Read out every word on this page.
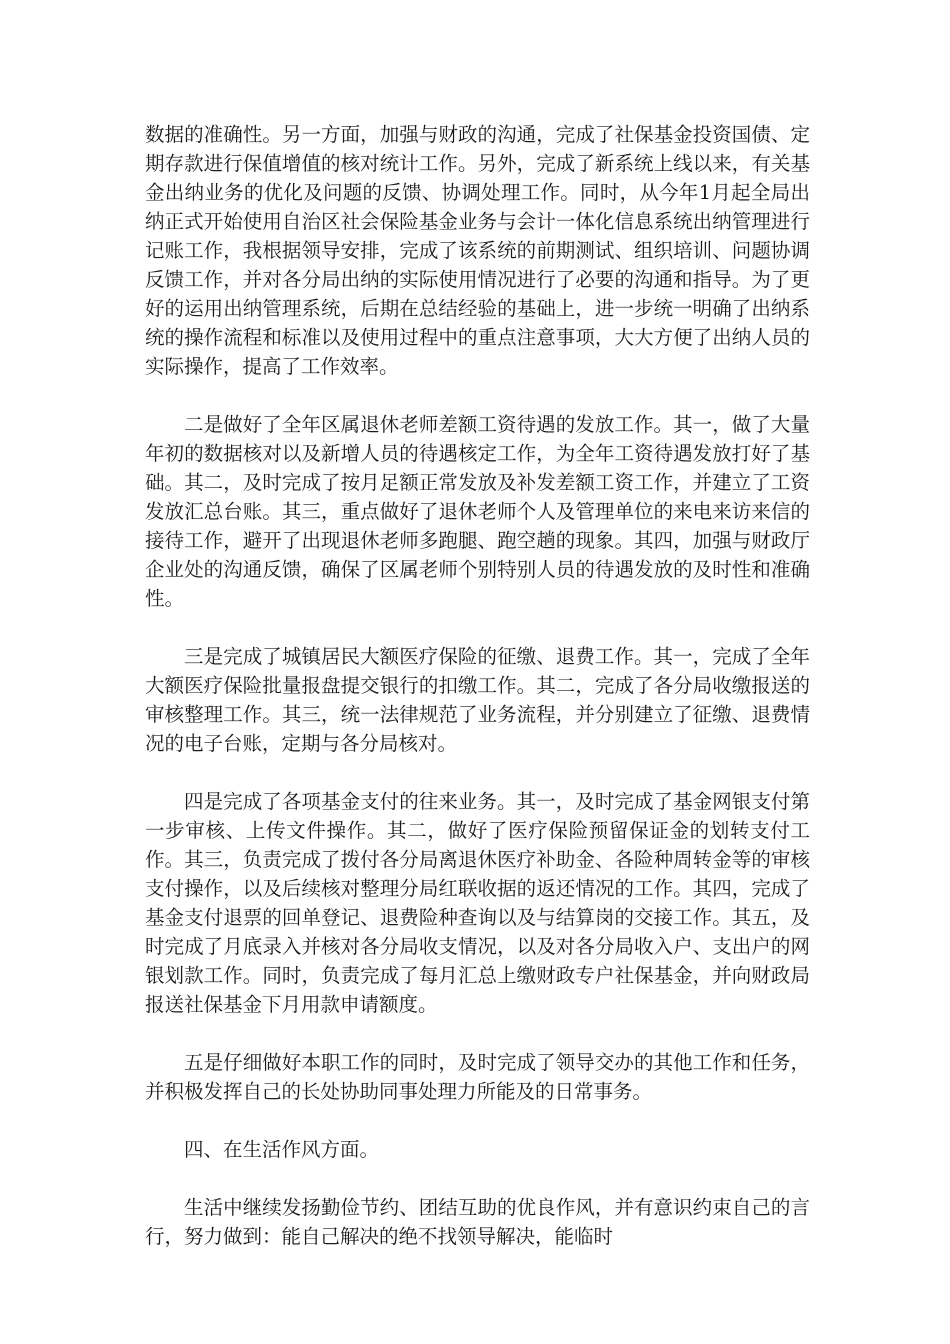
数据的准确性。另一方面，加强与财政的沟通，完成了社保基金投资国债、定期存款进行保值增值的核对统计工作。另外，完成了新系统上线以来，有关基金出纳业务的优化及问题的反馈、协调处理工作。同时，从今年1月起全局出纳正式开始使用自治区社会保险基金业务与会计一体化信息系统出纳管理进行记账工作，我根据领导安排，完成了该系统的前期测试、组织培训、问题协调反馈工作，并对各分局出纳的实际使用情况进行了必要的沟通和指导。为了更好的运用出纳管理系统，后期在总结经验的基础上，进一步统一明确了出纳系统的操作流程和标准以及使用过程中的重点注意事项，大大方便了出纳人员的实际操作，提高了工作效率。

二是做好了全年区属退休老师差额工资待遇的发放工作。其一，做了大量年初的数据核对以及新增人员的待遇核定工作，为全年工资待遇发放打好了基础。其二，及时完成了按月足额正常发放及补发差额工资工作，并建立了工资发放汇总台账。其三，重点做好了退休老师个人及管理单位的来电来访来信的接待工作，避开了出现退休老师多跑腿、跑空趟的现象。其四，加强与财政厅企业处的沟通反馈，确保了区属老师个别特别人员的待遇发放的及时性和准确性。

三是完成了城镇居民大额医疗保险的征缴、退费工作。其一，完成了全年大额医疗保险批量报盘提交银行的扣缴工作。其二，完成了各分局收缴报送的审核整理工作。其三，统一法律规范了业务流程，并分别建立了征缴、退费情况的电子台账，定期与各分局核对。

四是完成了各项基金支付的往来业务。其一，及时完成了基金网银支付第一步审核、上传文件操作。其二，做好了医疗保险预留保证金的划转支付工作。其三，负责完成了拨付各分局离退休医疗补助金、各险种周转金等的审核支付操作，以及后续核对整理分局红联收据的返还情况的工作。其四，完成了基金支付退票的回单登记、退费险种查询以及与结算岗的交接工作。其五，及时完成了月底录入并核对各分局收支情况，以及对各分局收入户、支出户的网银划款工作。同时，负责完成了每月汇总上缴财政专户社保基金，并向财政局报送社保基金下月用款申请额度。

五是仔细做好本职工作的同时，及时完成了领导交办的其他工作和任务，并积极发挥自己的长处协助同事处理力所能及的日常事务。

四、在生活作风方面。

生活中继续发扬勤俭节约、团结互助的优良作风，并有意识约束自己的言行，努力做到：能自己解决的绝不找领导解决，能临时
